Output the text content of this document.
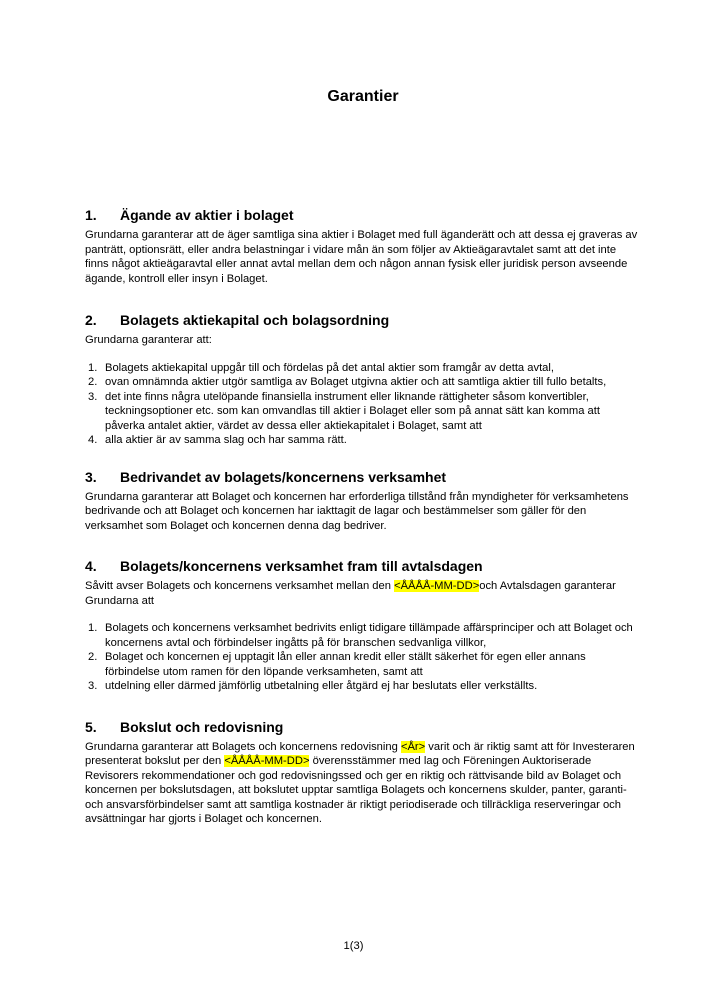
Garantier
1.	Ägande av aktier i bolaget

Grundarna garanterar att de äger samtliga sina aktier i Bolaget med full äganderätt och att dessa ej graveras av panträtt, optionsrätt, eller andra belastningar i vidare mån än som följer av Aktieägaravtalet samt att det inte finns något aktieägaravtal eller annat avtal mellan dem och någon annan fysisk eller juridisk person avseende ägande, kontroll eller insyn i Bolaget.

2.	Bolagets aktiekapital och bolagsordning

Grundarna garanterar att:

1. Bolagets aktiekapital uppgår till och fördelas på det antal aktier som framgår av detta avtal,
2. ovan omnämnda aktier utgör samtliga av Bolaget utgivna aktier och att samtliga aktier till fullo betalts,
3. det inte finns några utelöpande finansiella instrument eller liknande rättigheter såsom konvertibler, teckningsoptioner etc. som kan omvandlas till aktier i Bolaget eller som på annat sätt kan komma att påverka antalet aktier, värdet av dessa eller aktiekapitalet i Bolaget, samt att
4. alla aktier är av samma slag och har samma rätt.
3.	Bedrivandet av bolagets/koncernens verksamhet

Grundarna garanterar att Bolaget och koncernen har erforderliga tillstånd från myndigheter för verksamhetens bedrivande och att Bolaget och koncernen har iakttagit de lagar och bestämmelser som gäller för den verksamhet som Bolaget och koncernen denna dag bedriver.

4.	Bolagets/koncernens verksamhet fram till avtalsdagen

Såvitt avser Bolagets och koncernens verksamhet mellan den <ÅÅÅÅ-MM-DD>och Avtalsdagen garanterar Grundarna att

1. Bolagets och koncernens verksamhet bedrivits enligt tidigare tillämpade affärsprinciper och att Bolaget och koncernens avtal och förbindelser ingåtts på för branschen sedvanliga villkor,
2. Bolaget och koncernen ej upptagit lån eller annan kredit eller ställt säkerhet för egen eller annans förbindelse utom ramen för den löpande verksamheten, samt att
3. utdelning eller därmed jämförlig utbetalning eller åtgärd ej har beslutats eller verkställts.
5.	Bokslut och redovisning

Grundarna garanterar att Bolagets och koncernens redovisning <År> varit och är riktig samt att för Investeraren presenterat bokslut per den <ÅÅÅÅ-MM-DD> överensstämmer med lag och Föreningen Auktoriserade Revisorers rekommendationer och god redovisningssed och ger en riktig och rättvisande bild av Bolaget och koncernen per bokslutsdagen, att bokslutet upptar samtliga Bolagets och koncernens skulder, panter, garanti- och ansvarsförbindelser samt att samtliga kostnader är riktigt periodiserade och tillräckliga reserveringar och avsättningar har gjorts i Bolaget och koncernen.

1(3)
